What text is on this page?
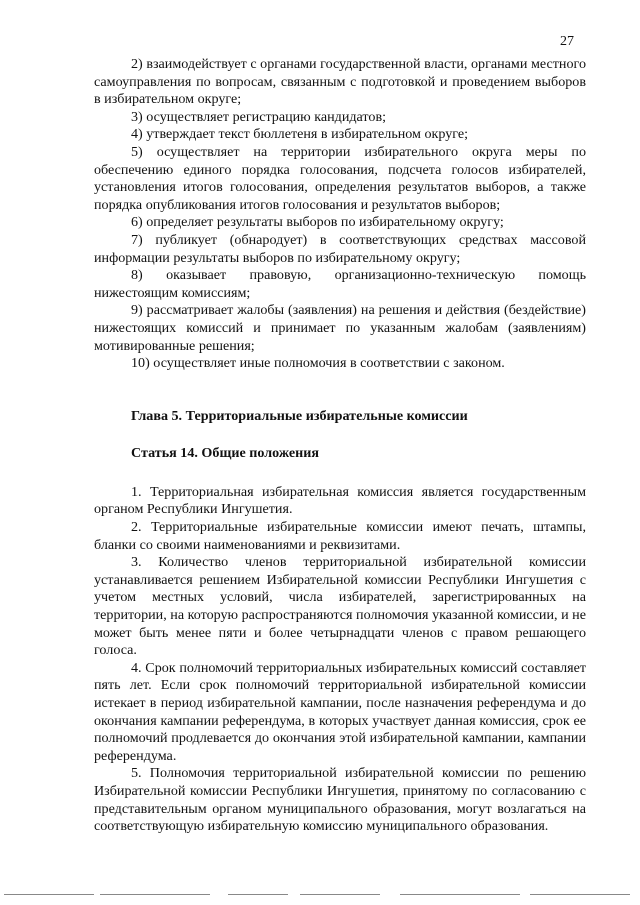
27

2) взаимодействует с органами государственной власти, органами местного самоуправления по вопросам, связанным с подготовкой и проведением выборов в избирательном округе;

3) осуществляет регистрацию кандидатов;

4) утверждает текст бюллетеня в избирательном округе;

5) осуществляет на территории избирательного округа меры по обеспечению единого порядка голосования, подсчета голосов избирателей, установления итогов голосования, определения результатов выборов, а также порядка опубликования итогов голосования и результатов выборов;

6) определяет результаты выборов по избирательному округу;

7) публикует (обнародует) в соответствующих средствах массовой информации результаты выборов по избирательному округу;

8) оказывает правовую, организационно-техническую помощь нижестоящим комиссиям;

9) рассматривает жалобы (заявления) на решения и действия (бездействие) нижестоящих комиссий и принимает по указанным жалобам (заявлениям) мотивированные решения;

10) осуществляет иные полномочия в соответствии с законом.

Глава 5. Территориальные избирательные комиссии
Статья 14. Общие положения

1. Территориальная избирательная комиссия является государственным органом Республики Ингушетия.

2. Территориальные избирательные комиссии имеют печать, штампы, бланки со своими наименованиями и реквизитами.

3. Количество членов территориальной избирательной комиссии устанавливается решением Избирательной комиссии Республики Ингушетия с учетом местных условий, числа избирателей, зарегистрированных на территории, на которую распространяются полномочия указанной комиссии, и не может быть менее пяти и более четырнадцати членов с правом решающего голоса.

4. Срок полномочий территориальных избирательных комиссий составляет пять лет. Если срок полномочий территориальной избирательной комиссии истекает в период избирательной кампании, после назначения референдума и до окончания кампании референдума, в которых участвует данная комиссия, срок ее полномочий продлевается до окончания этой избирательной кампании, кампании референдума.

5. Полномочия территориальной избирательной комиссии по решению Избирательной комиссии Республики Ингушетия, принятому по согласованию с представительным органом муниципального образования, могут возлагаться на соответствующую избирательную комиссию муниципального образования.
